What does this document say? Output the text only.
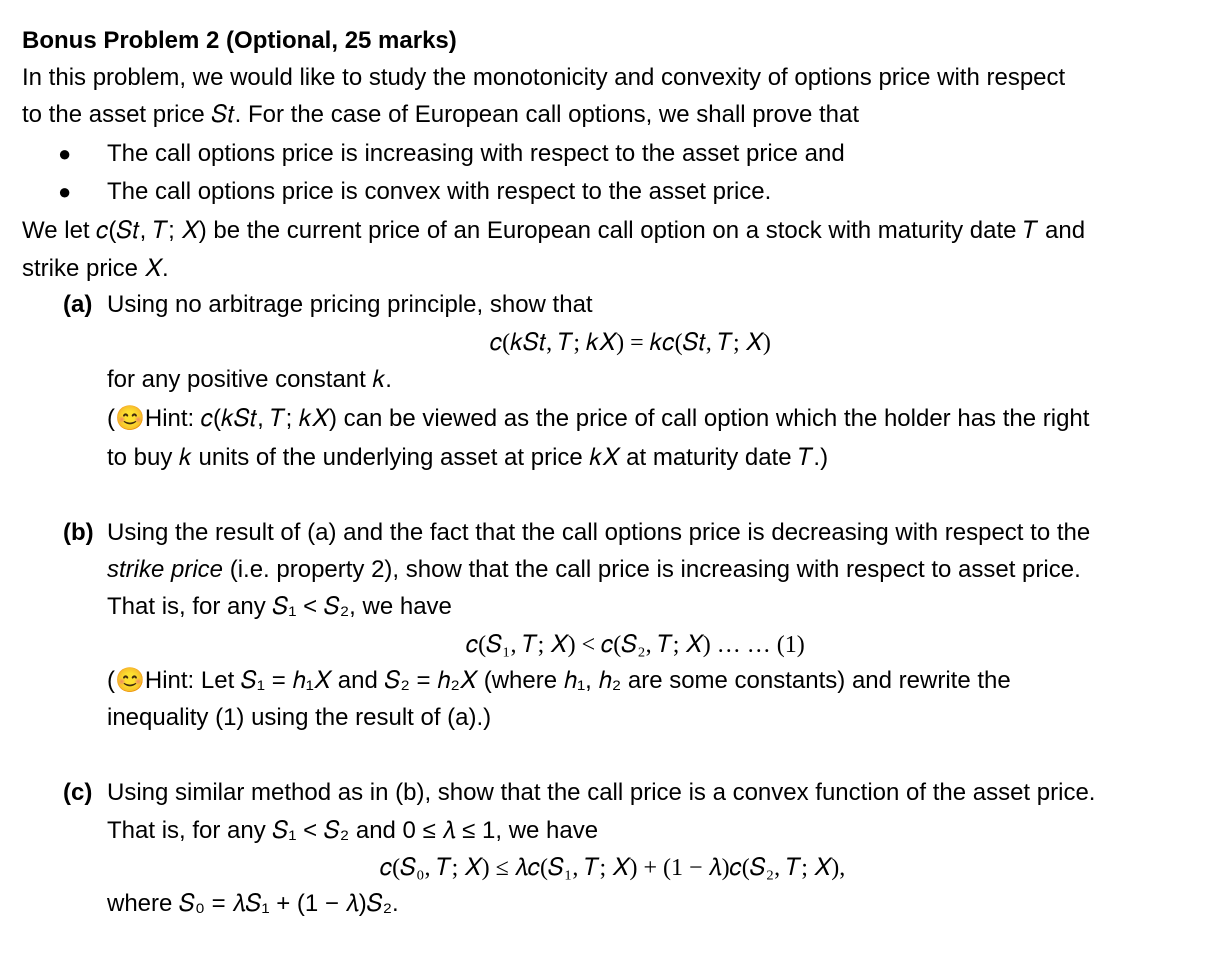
Bonus Problem 2 (Optional, 25 marks)
In this problem, we would like to study the monotonicity and convexity of options price with respect
to the asset price 𝑆𝑡. For the case of European call options, we shall prove that
● The call options price is increasing with respect to the asset price and
● The call options price is convex with respect to the asset price.
We let 𝑐(𝑆𝑡, 𝑇; 𝑋) be the current price of an European call option on a stock with maturity date 𝑇 and
strike price 𝑋.
(a) Using no arbitrage pricing principle, show that
𝑐(𝑘𝑆𝑡, 𝑇; 𝑘𝑋) = 𝑘𝑐(𝑆𝑡, 𝑇; 𝑋)
for any positive constant 𝑘.
(😊Hint: 𝑐(𝑘𝑆𝑡, 𝑇; 𝑘𝑋) can be viewed as the price of call option which the holder has the right
to buy 𝑘 units of the underlying asset at price 𝑘𝑋 at maturity date 𝑇.)
(b) Using the result of (a) and the fact that the call options price is decreasing with respect to the
strike price (i.e. property 2), show that the call price is increasing with respect to asset price.
That is, for any 𝑆₁ < 𝑆₂, we have
𝑐(𝑆₁, 𝑇; 𝑋) < 𝑐(𝑆₂, 𝑇; 𝑋) … … (1)
(😊Hint: Let 𝑆₁ = ℎ₁𝑋 and 𝑆₂ = ℎ₂𝑋 (where ℎ₁, ℎ₂ are some constants) and rewrite the
inequality (1) using the result of (a).)
(c) Using similar method as in (b), show that the call price is a convex function of the asset price.
That is, for any 𝑆₁ < 𝑆₂ and 0 ≤ 𝜆 ≤ 1, we have
𝑐(𝑆₀, 𝑇; 𝑋) ≤ 𝜆𝑐(𝑆₁, 𝑇; 𝑋) + (1 − 𝜆)𝑐(𝑆₂, 𝑇; 𝑋),
where 𝑆₀ = 𝜆𝑆₁ + (1 − 𝜆)𝑆₂.
